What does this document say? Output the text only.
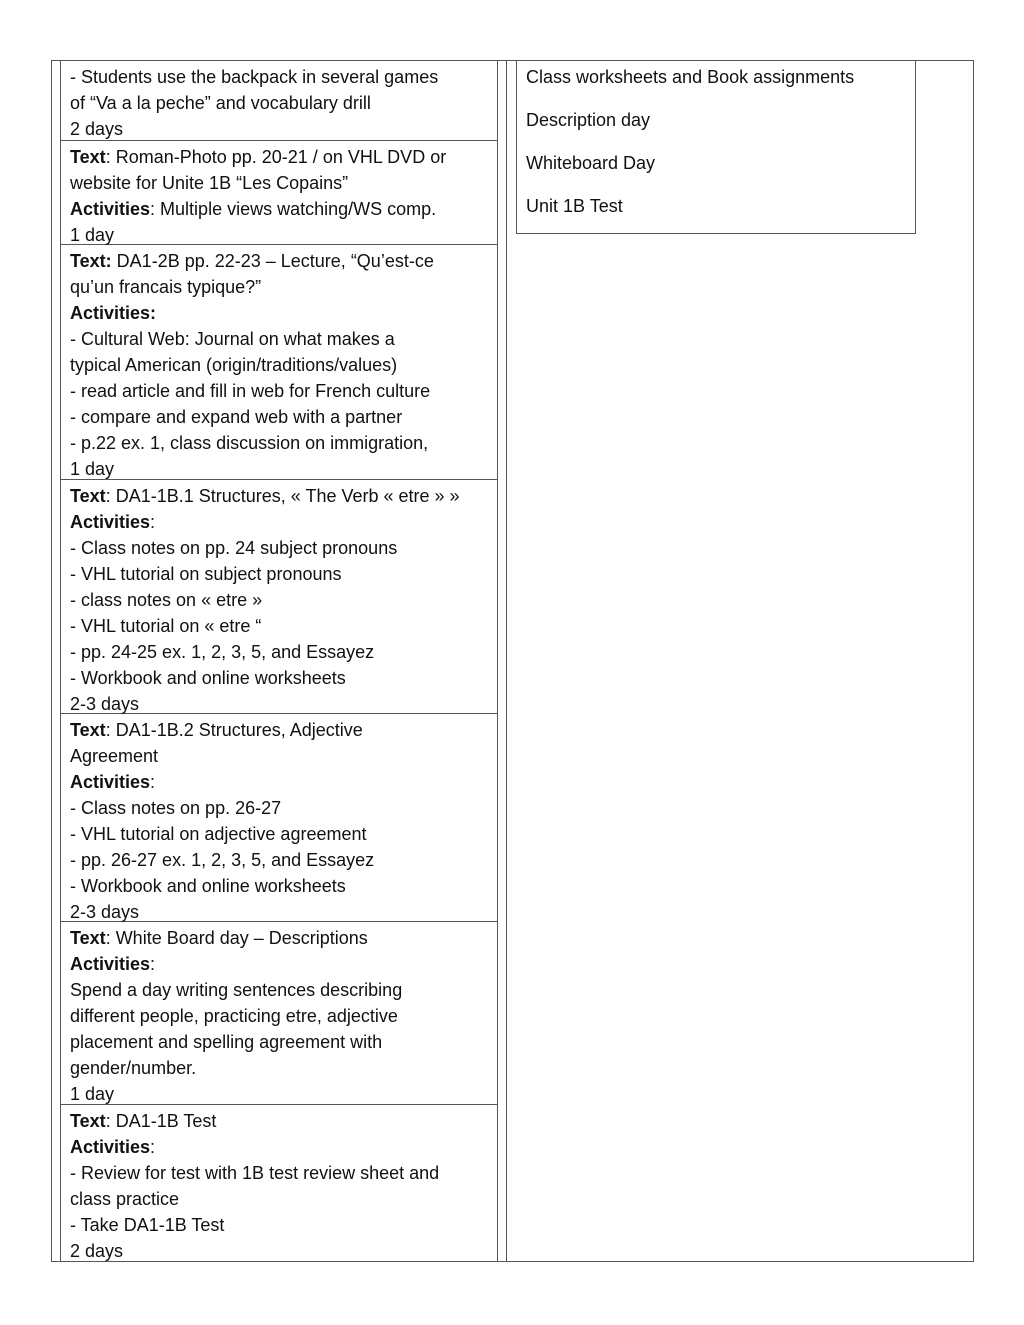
- Students use the backpack in several games
of “Va a la peche” and vocabulary drill
2 days
Text: Roman-Photo pp. 20-21 / on VHL DVD or
website for Unite 1B “Les Copains”
Activities: Multiple views watching/WS comp.
1 day
Text: DA1-2B pp. 22-23 – Lecture, “Qu’est-ce
qu’un francais typique?”
Activities:
- Cultural Web: Journal on what makes a
typical American (origin/traditions/values)
- read article and fill in web for French culture
- compare and expand web with a partner
- p.22 ex. 1, class discussion on immigration,
1 day
Text: DA1-1B.1 Structures, « The Verb « etre » »
Activities:
- Class notes on pp. 24 subject pronouns
- VHL tutorial on subject pronouns
- class notes on « etre »
- VHL tutorial on « etre “
- pp. 24-25 ex. 1, 2, 3, 5, and Essayez
- Workbook and online worksheets
2-3 days
Text: DA1-1B.2 Structures, Adjective
Agreement
Activities:
- Class notes on pp. 26-27
- VHL tutorial on adjective agreement
- pp. 26-27 ex. 1, 2, 3, 5, and Essayez
- Workbook and online worksheets
2-3 days
Text: White Board day – Descriptions
Activities:
Spend a day writing sentences describing
different people, practicing etre, adjective
placement and spelling agreement with
gender/number.
1 day
Text: DA1-1B Test
Activities:
- Review for test with 1B test review sheet and
class practice
- Take DA1-1B Test
2 days
Class worksheets and Book assignments
Description day
Whiteboard Day
Unit 1B Test
